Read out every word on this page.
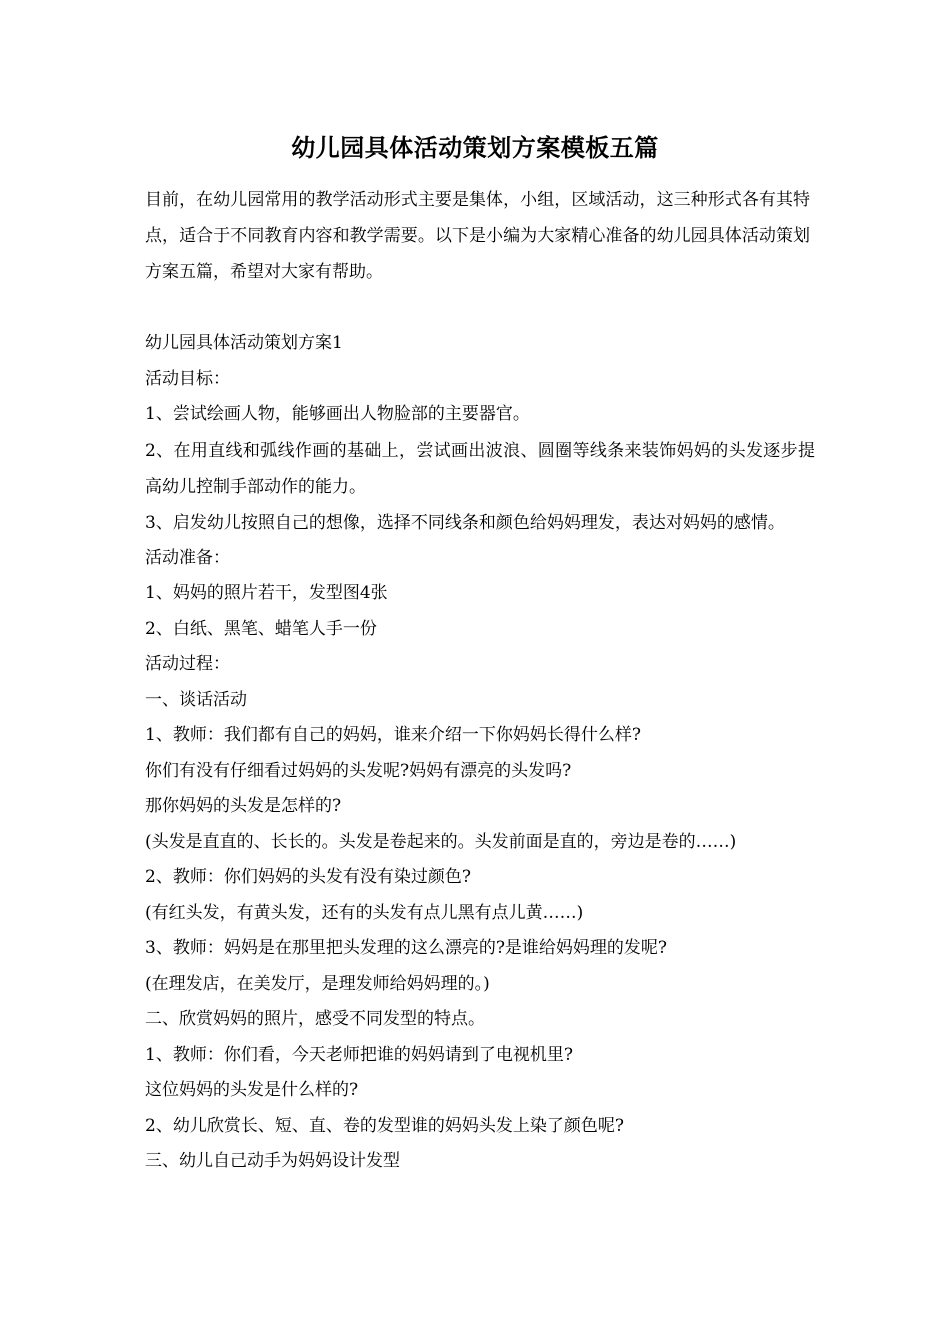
幼儿园具体活动策划方案模板五篇
目前，在幼儿园常用的教学活动形式主要是集体，小组，区域活动，这三种形式各有其特点，适合于不同教育内容和教学需要。以下是小编为大家精心准备的幼儿园具体活动策划方案五篇，希望对大家有帮助。
幼儿园具体活动策划方案1
活动目标：
1、尝试绘画人物，能够画出人物脸部的主要器官。
2、在用直线和弧线作画的基础上，尝试画出波浪、圆圈等线条来装饰妈妈的头发逐步提高幼儿控制手部动作的能力。
3、启发幼儿按照自己的想像，选择不同线条和颜色给妈妈理发，表达对妈妈的感情。
活动准备：
1、妈妈的照片若干，发型图4张
2、白纸、黑笔、蜡笔人手一份
活动过程：
一、谈话活动
1、教师：我们都有自己的妈妈，谁来介绍一下你妈妈长得什么样?
你们有没有仔细看过妈妈的头发呢?妈妈有漂亮的头发吗?
那你妈妈的头发是怎样的?
(头发是直直的、长长的。头发是卷起来的。头发前面是直的，旁边是卷的……)
2、教师：你们妈妈的头发有没有染过颜色?
(有红头发，有黄头发，还有的头发有点儿黑有点儿黄……)
3、教师：妈妈是在那里把头发理的这么漂亮的?是谁给妈妈理的发呢?
(在理发店，在美发厅，是理发师给妈妈理的。)
二、欣赏妈妈的照片，感受不同发型的特点。
1、教师：你们看，今天老师把谁的妈妈请到了电视机里?
这位妈妈的头发是什么样的?
2、幼儿欣赏长、短、直、卷的发型谁的妈妈头发上染了颜色呢?
三、幼儿自己动手为妈妈设计发型
